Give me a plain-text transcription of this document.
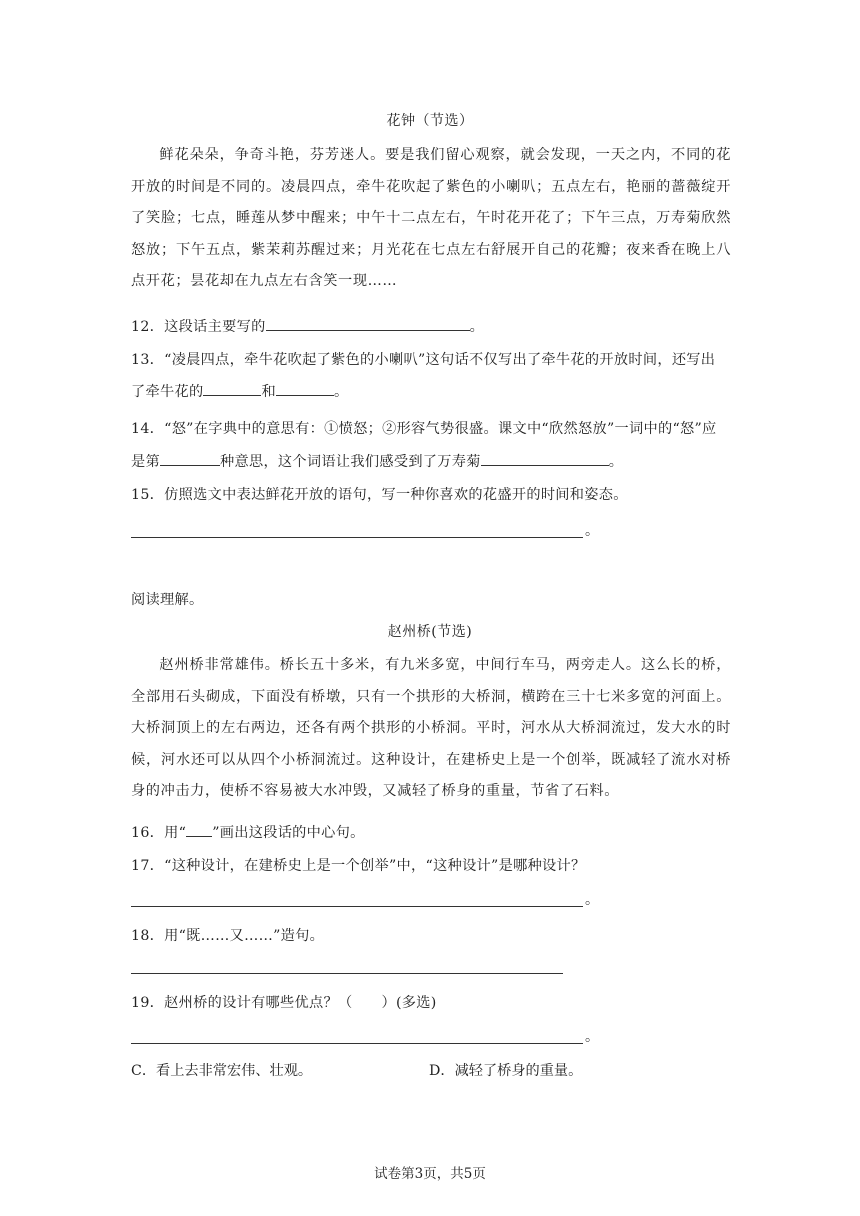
花钟（节选）

鲜花朵朵，争奇斗艳，芬芳迷人。要是我们留心观察，就会发现，一天之内，不同的花开放的时间是不同的。凌晨四点，牵牛花吹起了紫色的小喇叭；五点左右，艳丽的蔷薇绽开了笑脸；七点，睡莲从梦中醒来；中午十二点左右，午时花开花了；下午三点，万寿菊欣然怒放；下午五点，紫茉莉苏醒过来；月光花在七点左右舒展开自己的花瓣；夜来香在晚上八点开花；昙花却在九点左右含笑一现……

12．这段话主要写的	。
13．“凌晨四点，牵牛花吹起了紫色的小喇叭”这句话不仅写出了牵牛花的开放时间，还写出
了牵牛花的	和	。
14．“怒”在字典中的意思有：①愤怒；②形容气势很盛。课文中“欣然怒放”一词中的“怒”应
是第	种意思，这个词语让我们感受到了万寿菊	。
15．仿照选文中表达鲜花开放的语句，写一种你喜欢的花盛开的时间和姿态。
。
阅读理解。
赵州桥(节选)

赵州桥非常雄伟。桥长五十多米，有九米多宽，中间行车马，两旁走人。这么长的桥，全部用石头砌成，下面没有桥墩，只有一个拱形的大桥洞，横跨在三十七米多宽的河面上。大桥洞顶上的左右两边，还各有两个拱形的小桥洞。平时，河水从大桥洞流过，发大水的时候，河水还可以从四个小桥洞流过。这种设计，在建桥史上是一个创举，既减轻了流水对桥身的冲击力，使桥不容易被大水冲毁，又减轻了桥身的重量，节省了石料。

16．用“ ”画出这段话的中心句。
17．“这种设计，在建桥史上是一个创举”中，“这种设计”是哪种设计？
。
18．用“既……又……”造句。
19．赵州桥的设计有哪些优点？（　　）(多选)
。
C．看上去非常宏伟、壮观。	D．减轻了桥身的重量。
试卷第3页，共5页
